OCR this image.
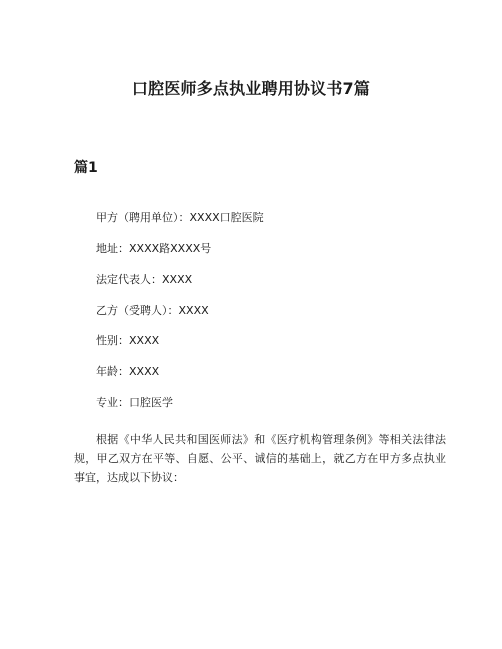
口腔医师多点执业聘用协议书7篇
篇1
甲方（聘用单位）：XXXX口腔医院
地址：XXXX路XXXX号
法定代表人：XXXX
乙方（受聘人）：XXXX
性别：XXXX
年龄：XXXX
专业：口腔医学
根据《中华人民共和国医师法》和《医疗机构管理条例》等相关法律法规，甲乙双方在平等、自愿、公平、诚信的基础上，就乙方在甲方多点执业事宜，达成以下协议：
